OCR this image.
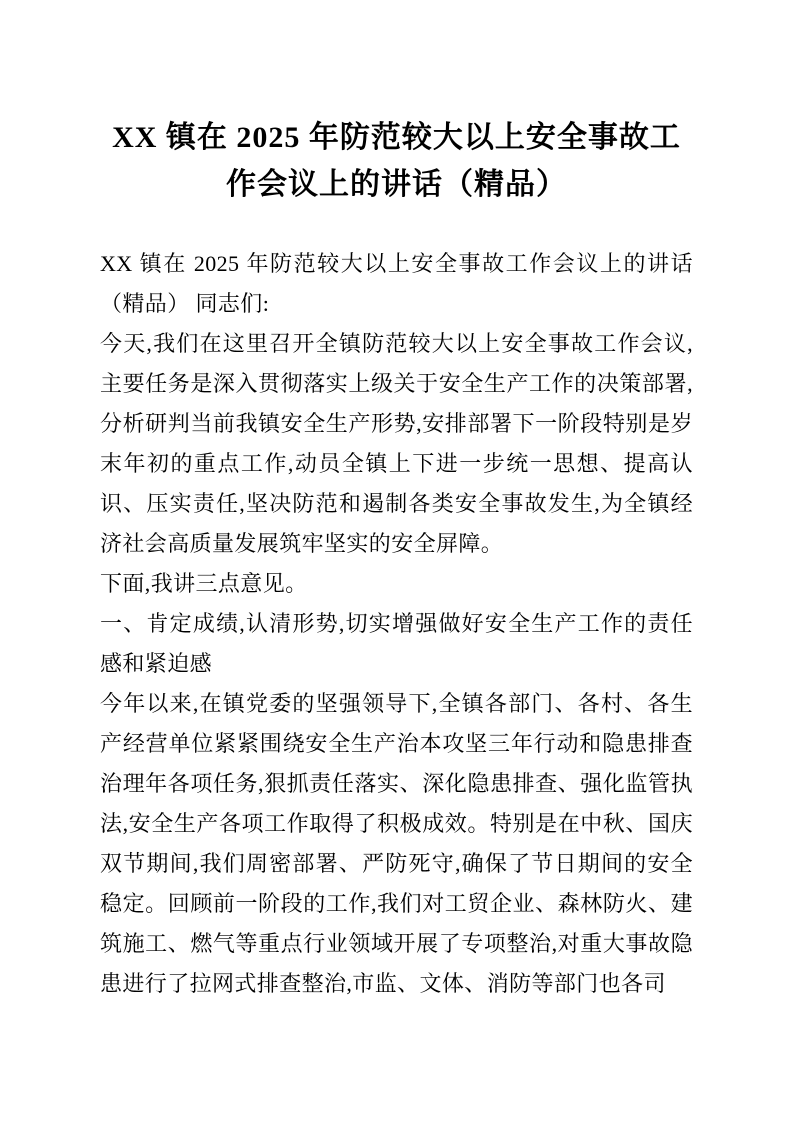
XX 镇在 2025 年防范较大以上安全事故工作会议上的讲话（精品）

XX 镇在 2025 年防范较大以上安全事故工作会议上的讲话（精品） 同志们:

今天,我们在这里召开全镇防范较大以上安全事故工作会议,主要任务是深入贯彻落实上级关于安全生产工作的决策部署,分析研判当前我镇安全生产形势,安排部署下一阶段特别是岁末年初的重点工作,动员全镇上下进一步统一思想、提高认识、压实责任,坚决防范和遏制各类安全事故发生,为全镇经济社会高质量发展筑牢坚实的安全屏障。

下面,我讲三点意见。

一、肯定成绩,认清形势,切实增强做好安全生产工作的责任感和紧迫感

今年以来,在镇党委的坚强领导下,全镇各部门、各村、各生产经营单位紧紧围绕安全生产治本攻坚三年行动和隐患排查治理年各项任务,狠抓责任落实、深化隐患排查、强化监管执法,安全生产各项工作取得了积极成效。特别是在中秋、国庆双节期间,我们周密部署、严防死守,确保了节日期间的安全稳定。回顾前一阶段的工作,我们对工贸企业、森林防火、建筑施工、燃气等重点行业领域开展了专项整治,对重大事故隐患进行了拉网式排查整治,市监、文体、消防等部门也各司
